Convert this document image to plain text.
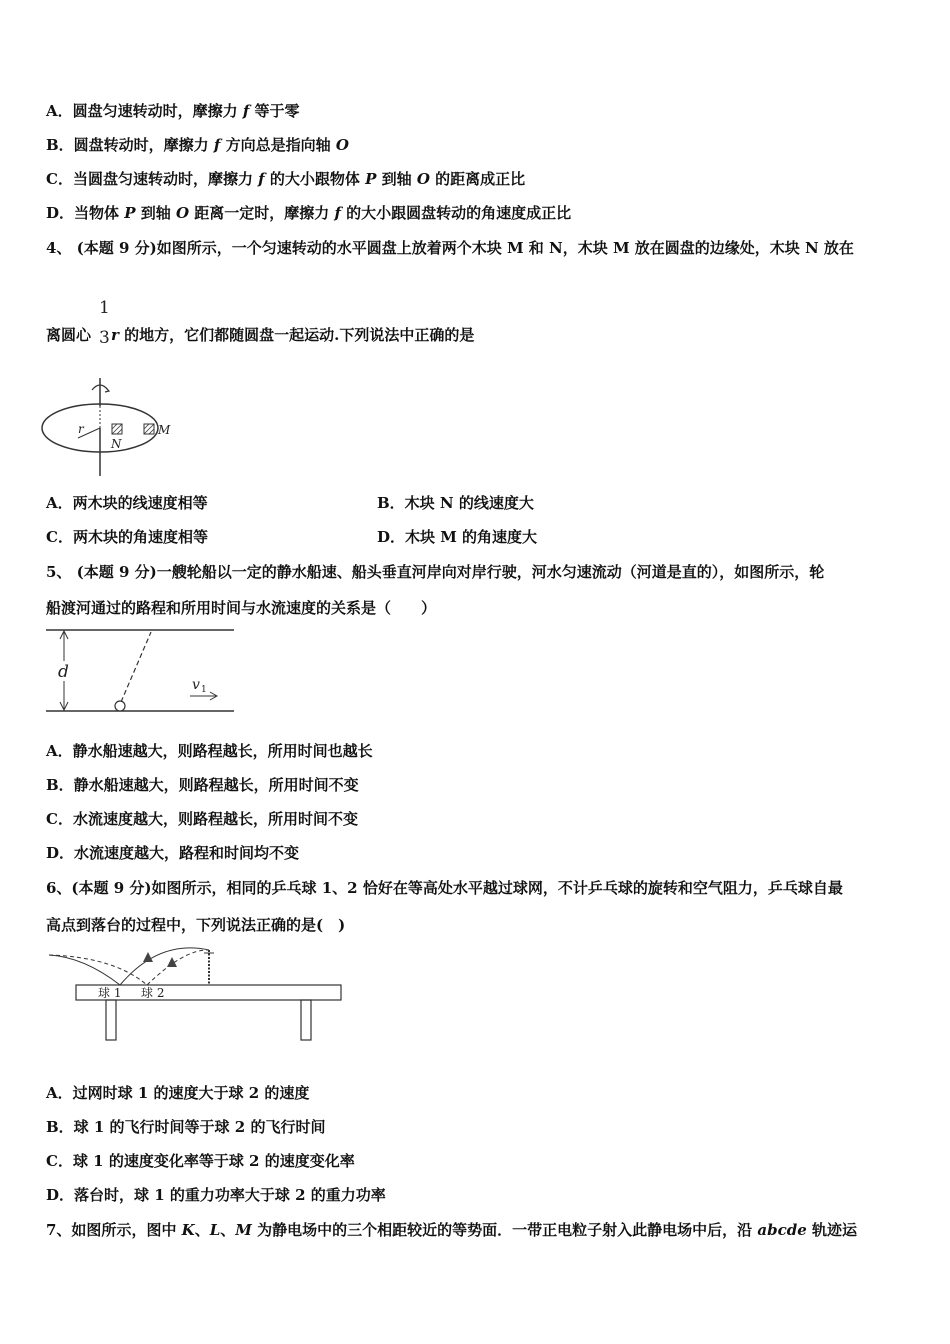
A．圆盘匀速转动时，摩擦力 f 等于零
B．圆盘转动时，摩擦力 f 方向总是指向轴 O
C．当圆盘匀速转动时，摩擦力 f 的大小跟物体 P 到轴 O 的距离成正比
D．当物体 P 到轴 O 距离一定时，摩擦力 f 的大小跟圆盘转动的角速度成正比
4、 (本题 9 分)如图所示，一个匀速转动的水平圆盘上放着两个木块 M 和 N，木块 M 放在圆盘的边缘处，木块 N 放在
1
3
离圆心 r 的地方，它们都随圆盘一起运动.下列说法中正确的是
r
N
M
A．两木块的线速度相等	B．木块 N 的线速度大
C．两木块的角速度相等	D．木块 M 的角速度大
5、 (本题 9 分)一艘轮船以一定的静水船速、船头垂直河岸向对岸行驶，河水匀速流动（河道是直的），如图所示，轮
船渡河通过的路程和所用时间与水流速度的关系是（　　）
d
v 1
A．静水船速越大，则路程越长，所用时间也越长
B．静水船速越大，则路程越长，所用时间不变
C．水流速度越大，则路程越长，所用时间不变
D．水流速度越大，路程和时间均不变
6、(本题 9 分)如图所示，相同的乒乓球 1、2 恰好在等高处水平越过球网，不计乒乓球的旋转和空气阻力，乒乓球自最
高点到落台的过程中，下列说法正确的是(　)
球 1 球 2
A．过网时球 1 的速度大于球 2 的速度
B．球 1 的飞行时间等于球 2 的飞行时间
C．球 1 的速度变化率等于球 2 的速度变化率
D．落台时，球 1 的重力功率大于球 2 的重力功率
7、如图所示，图中 K、L、M 为静电场中的三个相距较近的等势面．一带正电粒子射入此静电场中后，沿 abcde 轨迹运
